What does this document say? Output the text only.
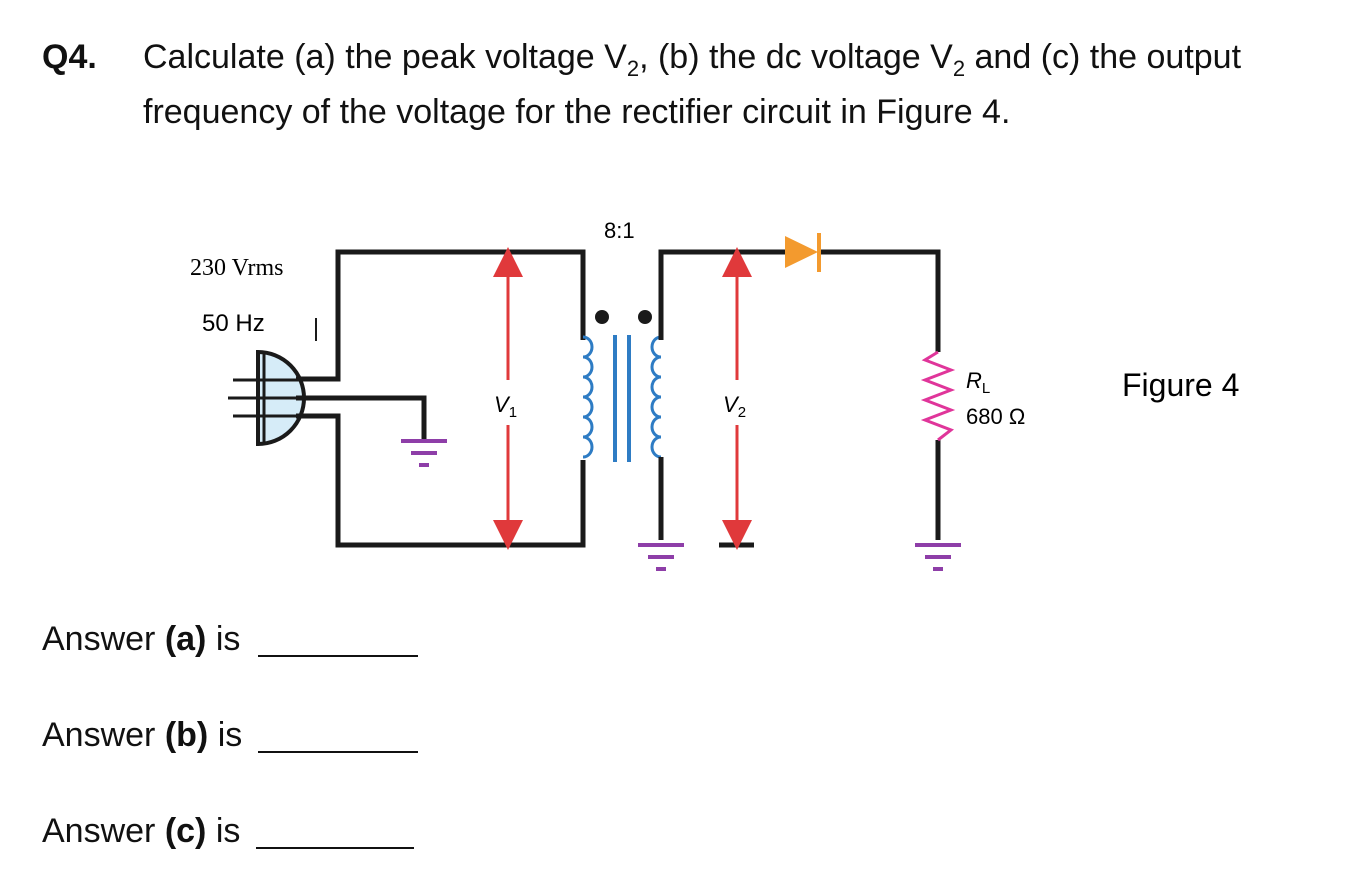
Q4. Calculate (a) the peak voltage $V_2$, (b) the dc voltage $V_2$ and (c) the output
frequency of the voltage for the rectifier circuit in Figure 4.
230 Vrms
50 Hz
$V_1$
8:1
$V_2$
$R_L$
680 Ω
Figure 4
Answer (a) is
Answer (b) is
Answer (c) is
